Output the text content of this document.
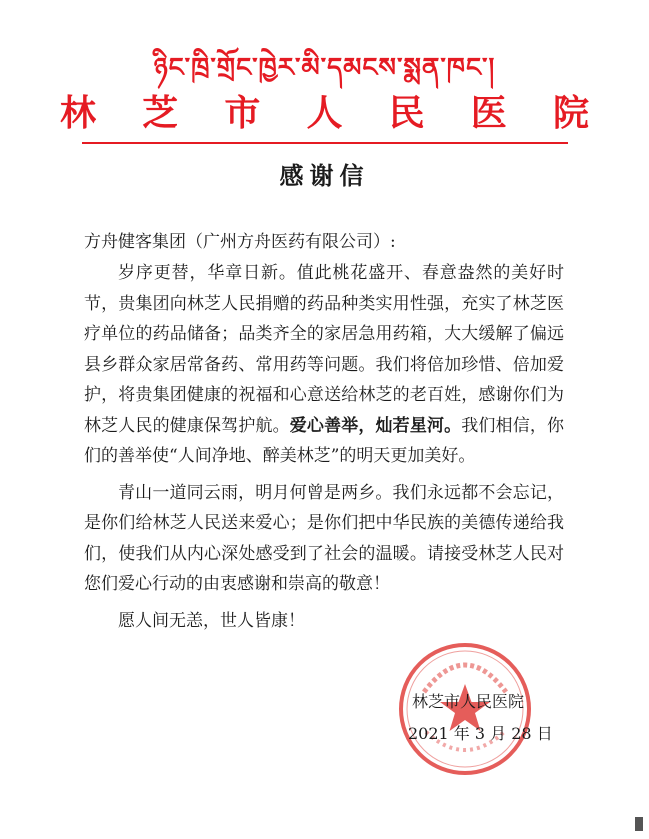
ཉིང་ཁྲི་གྲོང་ཁྱེར་མི་དམངས་སྨན་ཁང་།
林 芝 市 人 民 医 院
感谢信
方舟健客集团（广州方舟医药有限公司）:

岁序更替，华章日新。值此桃花盛开、春意盎然的美好时节，贵集团向林芝人民捐赠的药品种类实用性强，充实了林芝医疗单位的药品储备；品类齐全的家居急用药箱，大大缓解了偏远县乡群众家居常备药、常用药等问题。我们将倍加珍惜、倍加爱护，将贵集团健康的祝福和心意送给林芝的老百姓，感谢你们为林芝人民的健康保驾护航。爱心善举，灿若星河。我们相信，你们的善举使“人间净地、醉美林芝”的明天更加美好。

青山一道同云雨，明月何曾是两乡。我们永远都不会忘记，是你们给林芝人民送来爱心；是你们把中华民族的美德传递给我们，使我们从内心深处感受到了社会的温暖。请接受林芝人民对您们爱心行动的由衷感谢和崇高的敬意！

愿人间无恙，世人皆康！

林芝市人民医院
2021 年 3 月 28 日
